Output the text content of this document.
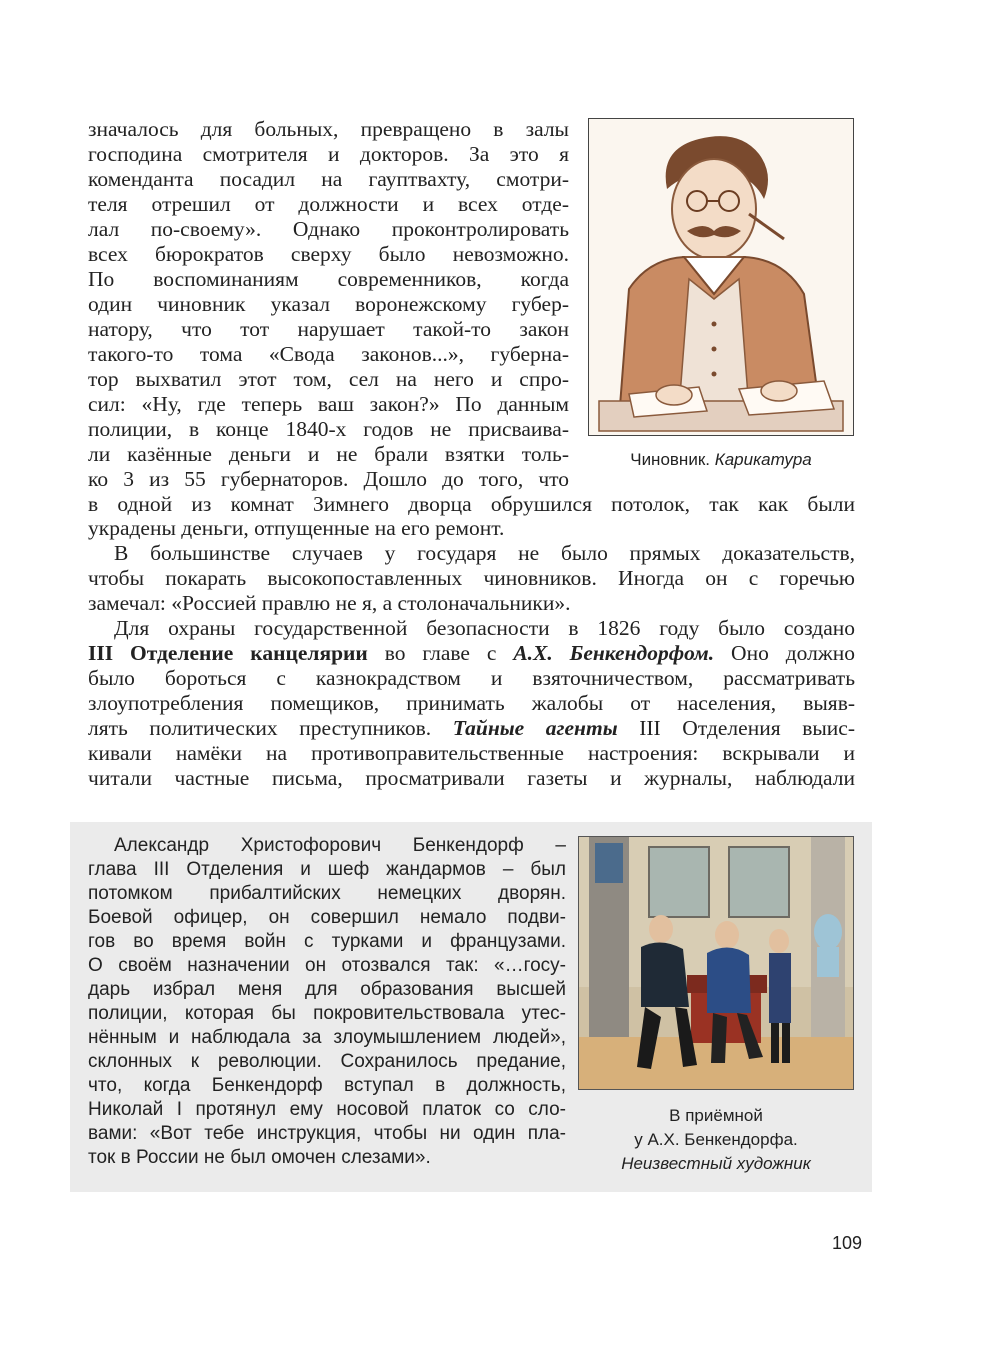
значалось для больных, превращено в залы
господина смотрителя и докторов. За это я
коменданта посадил на гауптвахту, смотри-
теля отрешил от должности и всех отде-
лал по-своему». Однако проконтролировать
всех бюрократов сверху было невозможно.
По воспоминаниям современников, когда
один чиновник указал воронежскому губер-
натору, что тот нарушает такой-то закон
такого-то тома «Свода законов...», губерна-
тор выхватил этот том, сел на него и спро-
сил: «Ну, где теперь ваш закон?» По данным
полиции, в конце 1840-х годов не присваива-
ли казённые деньги и не брали взятки толь-
ко 3 из 55 губернаторов. Дошло до того, что
в одной из комнат Зимнего дворца обрушился потолок, так как были
украдены деньги, отпущенные на его ремонт.
В большинстве случаев у государя не было прямых доказательств,
чтобы покарать высокопоставленных чиновников. Иногда он с горечью
замечал: «Россией правлю не я, а столоначальники».
Для охраны государственной безопасности в 1826 году было создано
III Отделение канцелярии во главе с А.Х. Бенкендорфом. Оно должно
было бороться с казнокрадством и взяточничеством, рассматривать
злоупотребления помещиков, принимать жалобы от населения, выяв-
лять политических преступников. Тайные агенты III Отделения выис-
кивали намёки на противоправительственные настроения: вскрывали и
читали частные письма, просматривали газеты и журналы, наблюдали
Чиновник. Карикатура
Александр Христофорович Бенкендорф –
глава III Отделения и шеф жандармов – был
потомком прибалтийских немецких дворян.
Боевой офицер, он совершил немало подви-
гов во время войн с турками и французами.
О своём назначении он отозвался так: «…госу-
дарь избрал меня для образования высшей
полиции, которая бы покровительствовала утес-
нённым и наблюдала за злоумышлением людей»,
склонных к революции. Сохранилось предание,
что, когда Бенкендорф вступал в должность,
Николай I протянул ему носовой платок со сло-
вами: «Вот тебе инструкция, чтобы ни один пла-
ток в России не был омочен слезами».
В приёмной
у А.Х. Бенкендорфа.
Неизвестный художник
109
